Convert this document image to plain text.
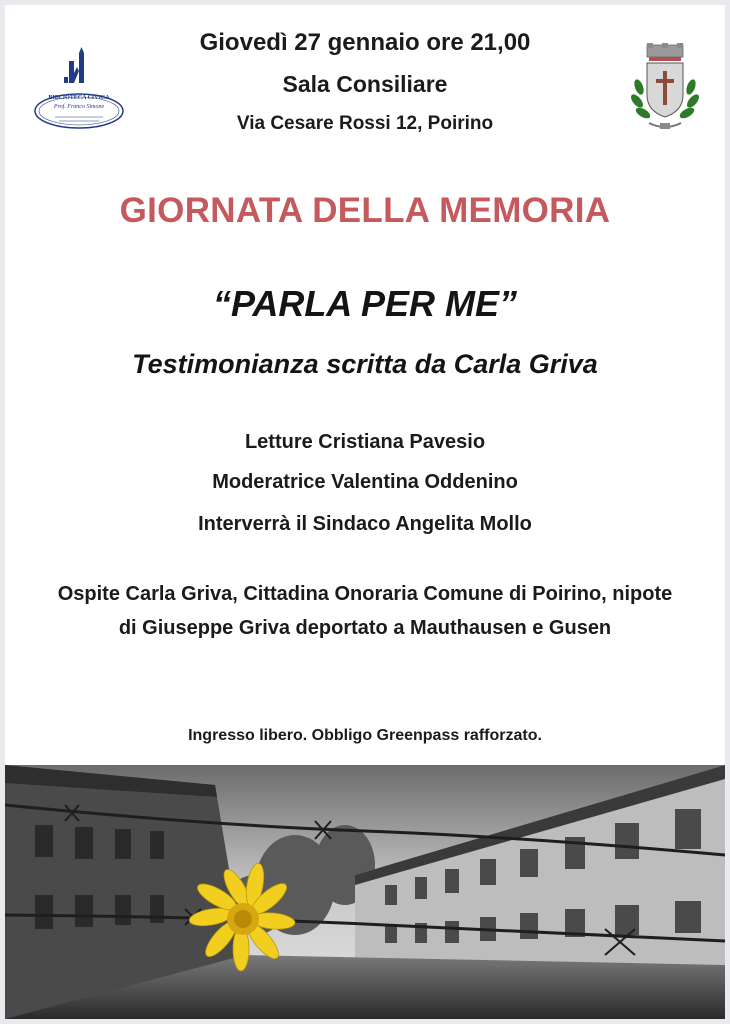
BIBLIOTECA CIVICA
Prof. Franco Simone
Giovedì 27 gennaio ore 21,00
Sala Consiliare
Via Cesare Rossi 12, Poirino
GIORNATA DELLA MEMORIA
“PARLA PER ME”
Testimonianza scritta da Carla Griva
Letture Cristiana Pavesio
Moderatrice Valentina Oddenino
Interverrà il Sindaco Angelita Mollo
Ospite Carla Griva, Cittadina Onoraria Comune di Poirino, nipote di Giuseppe Griva deportato a Mauthausen e Gusen
Ingresso libero. Obbligo Greenpass rafforzato.
